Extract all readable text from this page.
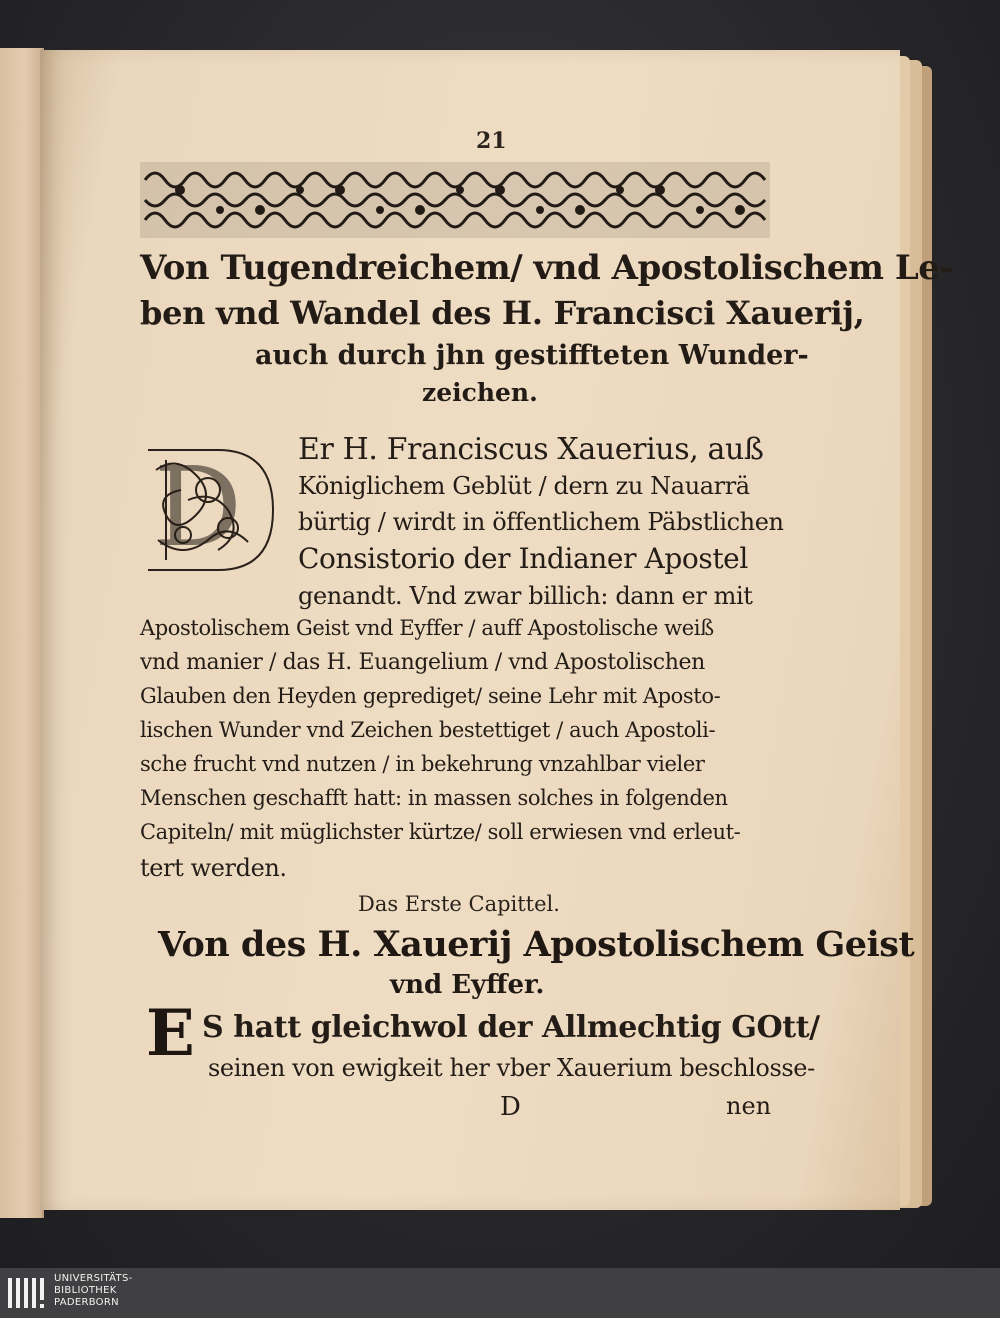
21
Von Tugendreichem/ vnd Apostolischem Le-
ben vnd Wandel des H. Francisci Xauerij,
auch durch jhn gestiffteten Wunder-
zeichen.
D Er H. Franciscus Xauerius, auß
Königlichem Geblüt / dern zu Nauarrä
bürtig / wirdt in öffentlichem Päbstlichen
Consistorio der Indianer Apostel
genandt. Vnd zwar billich: dann er mit
Apostolischem Geist vnd Eyffer / auff Apostolische weiß
vnd manier / das H. Euangelium / vnd Apostolischen
Glauben den Heyden geprediget/ seine Lehr mit Aposto-
lischen Wunder vnd Zeichen bestettiget / auch Apostoli-
sche frucht vnd nutzen / in bekehrung vnzahlbar vieler
Menschen geschafft hatt: in massen solches in folgenden
Capiteln/ mit müglichster kürtze/ soll erwiesen vnd erleut-
tert werden.
Das Erste Capittel.
Von des H. Xauerij Apostolischem Geist
vnd Eyffer.
E S hatt gleichwol der Allmechtig GOtt/
seinen von ewigkeit her vber Xauerium beschlosse-
D	nen
UNIVERSITÄTS-
BIBLIOTHEK
PADERBORN
